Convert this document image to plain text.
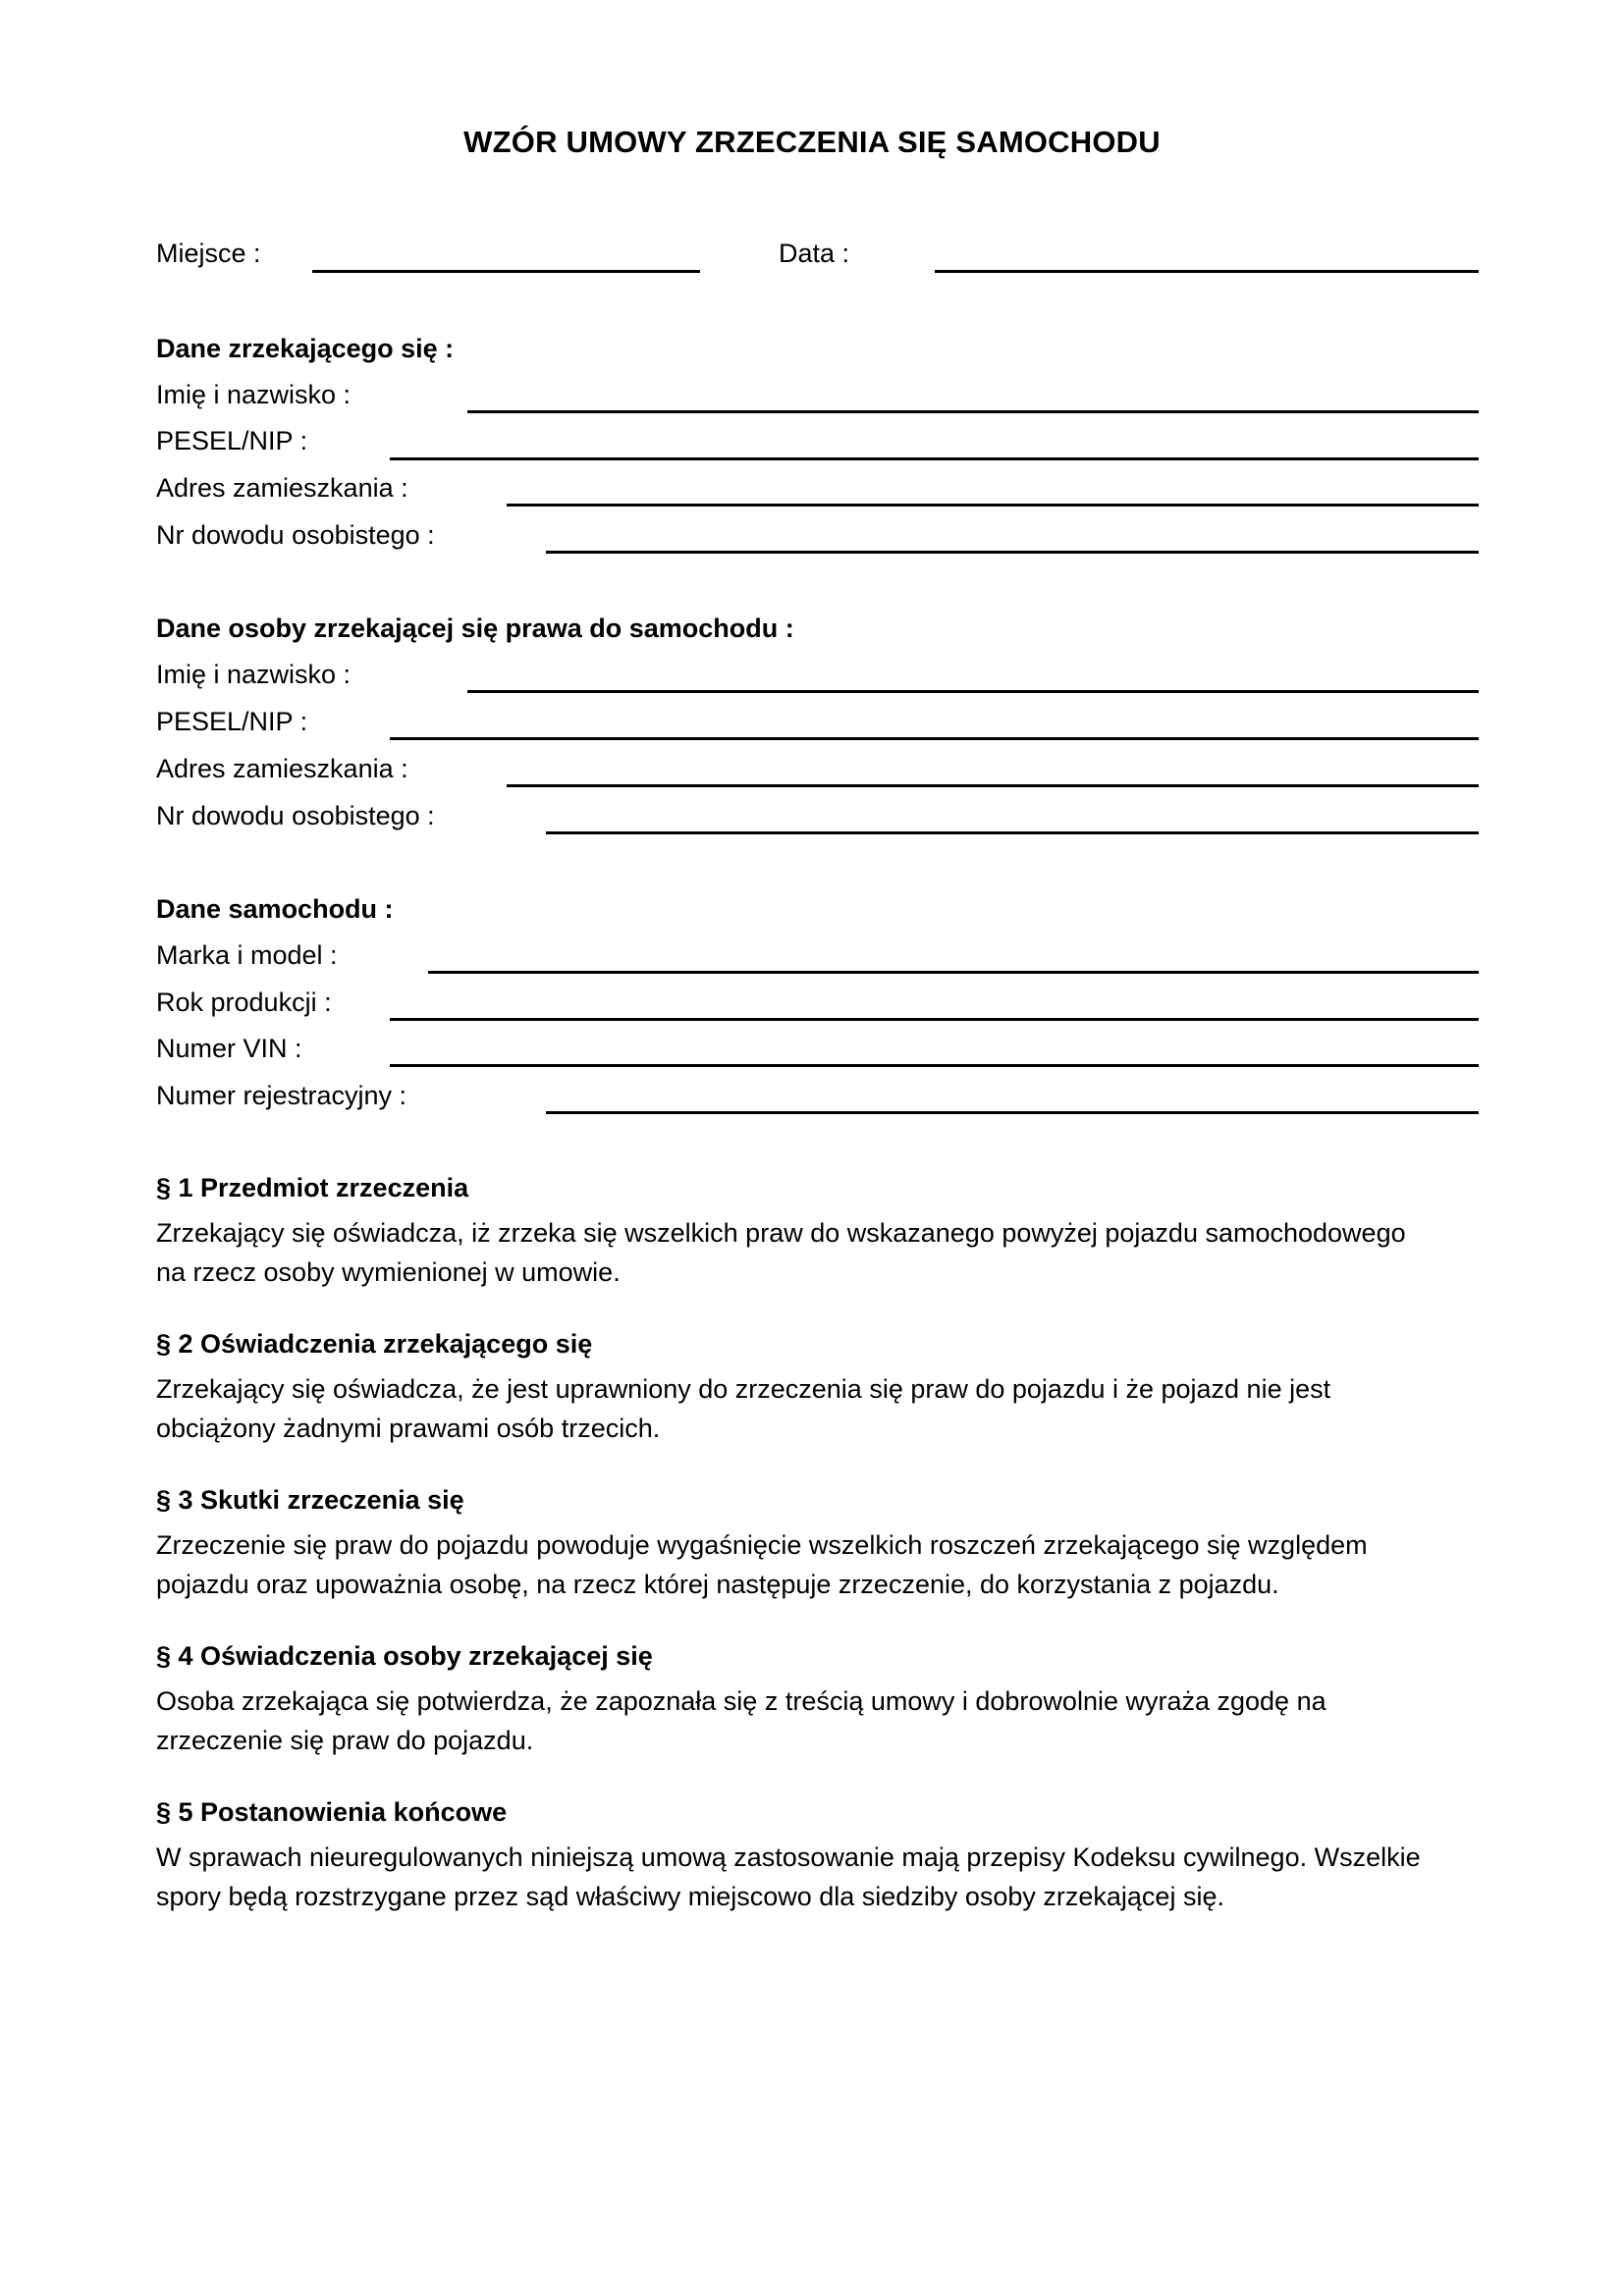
WZÓR UMOWY ZRZECZENIA SIĘ SAMOCHODU
Miejsce :	Data :
Dane zrzekającego się :
Imię i nazwisko :
PESEL/NIP :
Adres zamieszkania :
Nr dowodu osobistego :
Dane osoby zrzekającej się prawa do samochodu :
Imię i nazwisko :
PESEL/NIP :
Adres zamieszkania :
Nr dowodu osobistego :
Dane samochodu :
Marka i model :
Rok produkcji :
Numer VIN :
Numer rejestracyjny :
§ 1 Przedmiot zrzeczenia
Zrzekający się oświadcza, iż zrzeka się wszelkich praw do wskazanego powyżej pojazdu samochodowego
na rzecz osoby wymienionej w umowie.
§ 2 Oświadczenia zrzekającego się
Zrzekający się oświadcza, że jest uprawniony do zrzeczenia się praw do pojazdu i że pojazd nie jest
obciążony żadnymi prawami osób trzecich.
§ 3 Skutki zrzeczenia się
Zrzeczenie się praw do pojazdu powoduje wygaśnięcie wszelkich roszczeń zrzekającego się względem
pojazdu oraz upoważnia osobę, na rzecz której następuje zrzeczenie, do korzystania z pojazdu.
§ 4 Oświadczenia osoby zrzekającej się
Osoba zrzekająca się potwierdza, że zapoznała się z treścią umowy i dobrowolnie wyraża zgodę na
zrzeczenie się praw do pojazdu.
§ 5 Postanowienia końcowe
W sprawach nieuregulowanych niniejszą umową zastosowanie mają przepisy Kodeksu cywilnego. Wszelkie
spory będą rozstrzygane przez sąd właściwy miejscowo dla siedziby osoby zrzekającej się.
